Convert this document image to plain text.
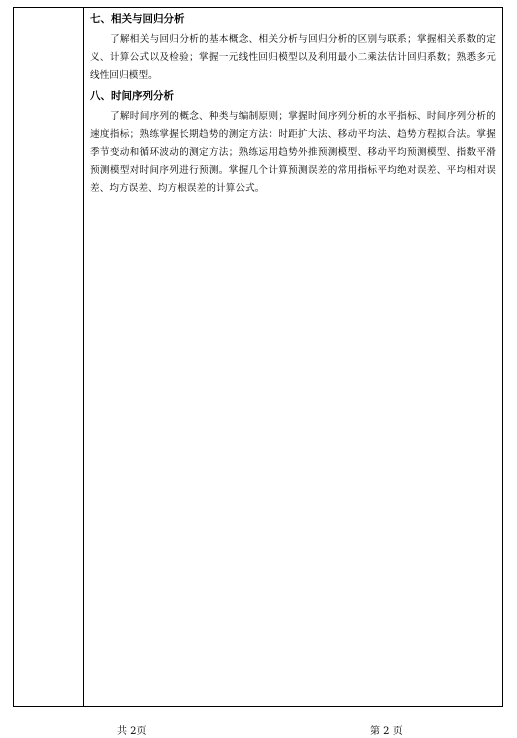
七、相关与回归分析

了解相关与回归分析的基本概念、相关分析与回归分析的区别与联系；掌握相关系数的定义、计算公式以及检验；掌握一元线性回归模型以及利用最小二乘法估计回归系数；熟悉多元线性回归模型。

八、时间序列分析

了解时间序列的概念、种类与编制原则；掌握时间序列分析的水平指标、时间序列分析的速度指标；熟练掌握长期趋势的测定方法：时距扩大法、移动平均法、趋势方程拟合法。掌握季节变动和循环波动的测定方法；熟练运用趋势外推预测模型、移动平均预测模型、指数平滑预测模型对时间序列进行预测。掌握几个计算预测误差的常用指标平均绝对误差、平均相对误差、均方误差、均方根误差的计算公式。

共 2页	第 2 页
